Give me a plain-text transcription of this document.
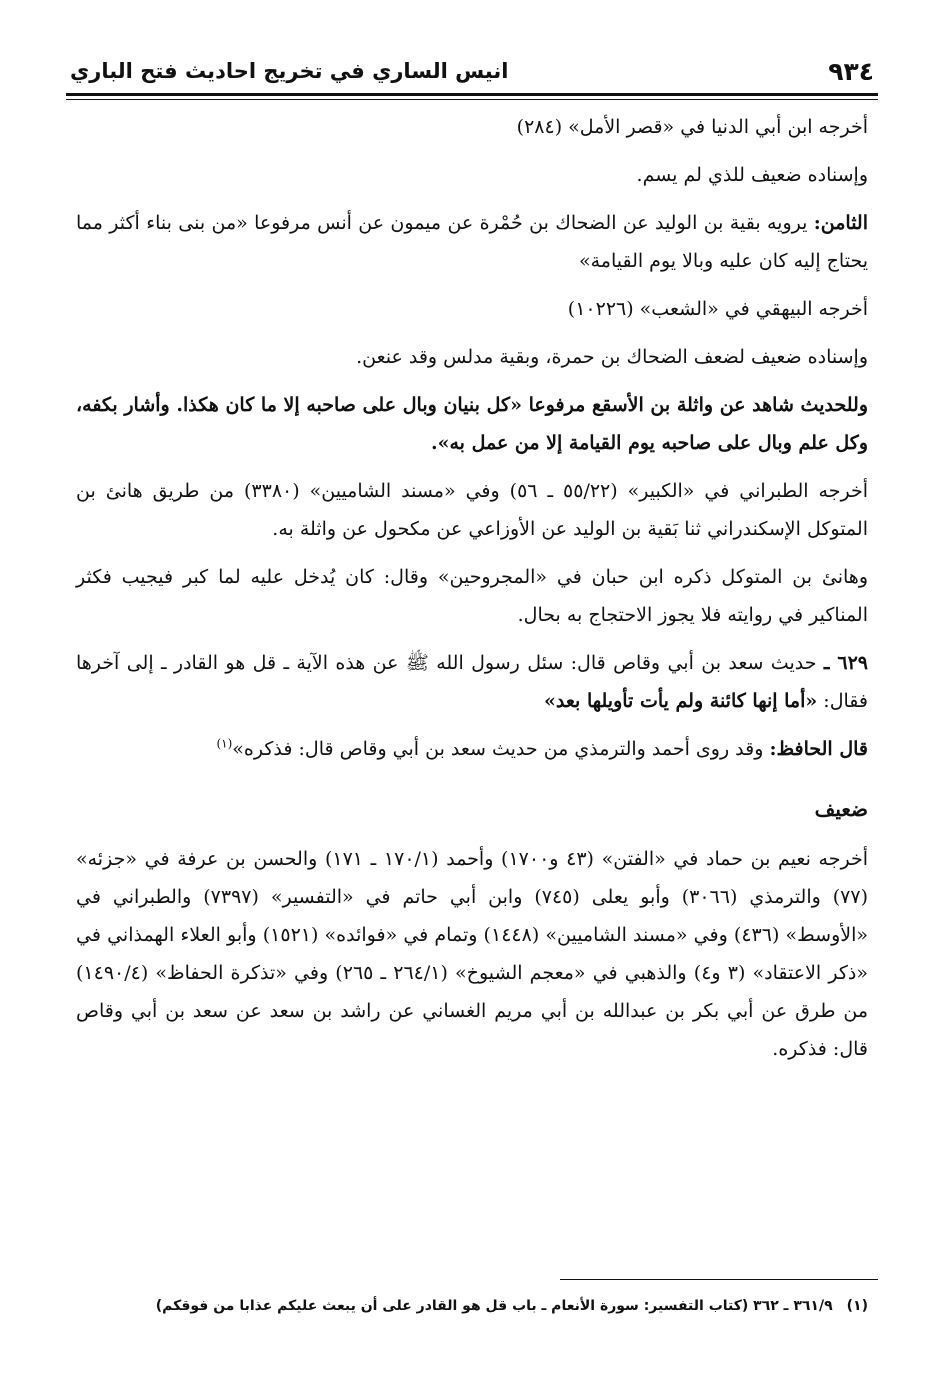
٩٣٤
انيس الساري في تخريج احاديث فتح الباري

أخرجه ابن أبي الدنيا في «قصر الأمل» (٢٨٤)

وإسناده ضعيف للذي لم يسم.

الثامن: يرويه بقية بن الوليد عن الضحاك بن حُمْرة عن ميمون عن أنس مرفوعا «من بنى بناء أكثر مما يحتاج إليه كان عليه وبالا يوم القيامة»

أخرجه البيهقي في «الشعب» (١٠٢٢٦)

وإسناده ضعيف لضعف الضحاك بن حمرة، وبقية مدلس وقد عنعن.

وللحديث شاهد عن واثلة بن الأسقع مرفوعا «كل بنيان وبال على صاحبه إلا ما كان هكذا. وأشار بكفه، وكل علم وبال على صاحبه يوم القيامة إلا من عمل به».

أخرجه الطبراني في «الكبير» (٥٥/٢٢ ـ ٥٦) وفي «مسند الشاميين» (٣٣٨٠) من طريق هانئ بن المتوكل الإسكندراني ثنا بَقية بن الوليد عن الأوزاعي عن مكحول عن واثلة به.

وهانئ بن المتوكل ذكره ابن حبان في «المجروحين» وقال: كان يُدخل عليه لما كبر فيجيب فكثر المناكير في روايته فلا يجوز الاحتجاج به بحال.

٦٢٩ ـ حديث سعد بن أبي وقاص قال: سئل رسول الله ﷺ عن هذه الآية ـ قل هو القادر ـ إلى آخرها فقال: «أما إنها كائنة ولم يأت تأويلها بعد»

قال الحافظ: وقد روى أحمد والترمذي من حديث سعد بن أبي وقاص قال: فذكره»$^{(١)}$

ضعيف

أخرجه نعيم بن حماد في «الفتن» (٤٣ و١٧٠٠) وأحمد (١٧٠/١ ـ ١٧١) والحسن بن عرفة في «جزئه» (٧٧) والترمذي (٣٠٦٦) وأبو يعلى (٧٤٥) وابن أبي حاتم في «التفسير» (٧٣٩٧) والطبراني في «الأوسط» (٤٣٦) وفي «مسند الشاميين» (١٤٤٨) وتمام في «فوائده» (١٥٢١) وأبو العلاء الهمذاني في «ذكر الاعتقاد» (٣ و٤) والذهبي في «معجم الشيوخ» (٢٦٤/١ ـ ٢٦٥) وفي «تذكرة الحفاظ» (١٤٩٠/٤) من طرق عن أبي بكر بن عبدالله بن أبي مريم الغساني عن راشد بن سعد عن سعد بن أبي وقاص قال: فذكره.

(١)٣٦١/٩ ـ ٣٦٢ (كتاب التفسير: سورة الأنعام ـ باب قل هو القادر على أن يبعث عليكم عذابا من فوقكم)
